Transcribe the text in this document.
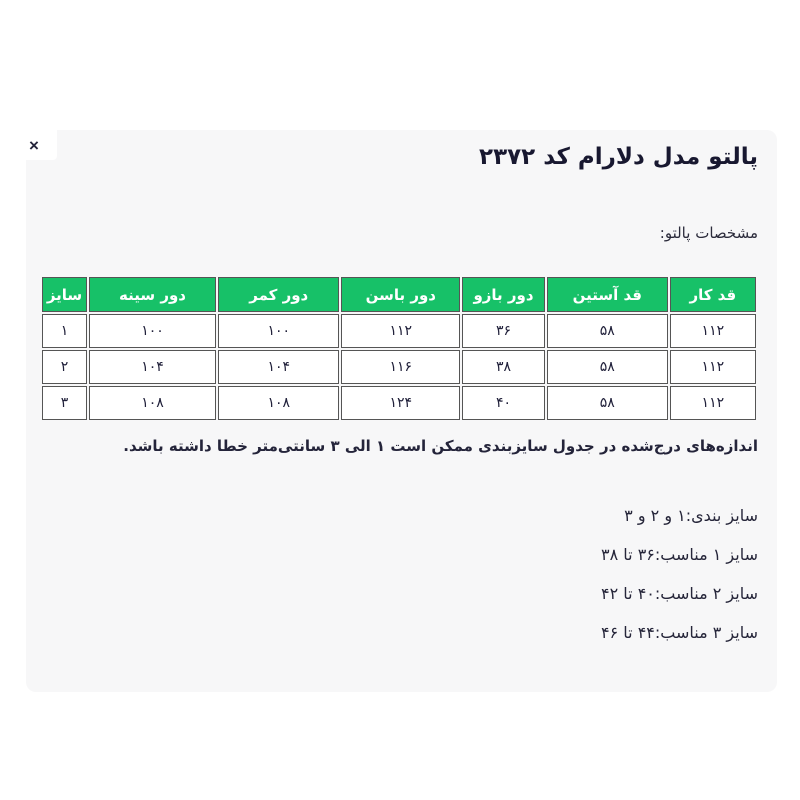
پالتو مدل دلارام کد ۲۳۷۲
مشخصات پالتو:
قد کار	قد آستین	دور بازو	دور باسن	دور کمر	دور سینه	سایز
۱۱۲	۵۸	۳۶	۱۱۲	۱۰۰	۱۰۰	۱
۱۱۲	۵۸	۳۸	۱۱۶	۱۰۴	۱۰۴	۲
۱۱۲	۵۸	۴۰	۱۲۴	۱۰۸	۱۰۸	۳

اندازه‌های درج‌شده در جدول سایزبندی ممکن است ۱ الی ۳ سانتی‌متر خطا داشته باشد.

سایز بندی:۱ و ۲ و ۳
سایز ۱ مناسب:۳۶ تا ۳۸
سایز ۲ مناسب:۴۰ تا ۴۲
سایز ۳ مناسب:۴۴ تا ۴۶
×
